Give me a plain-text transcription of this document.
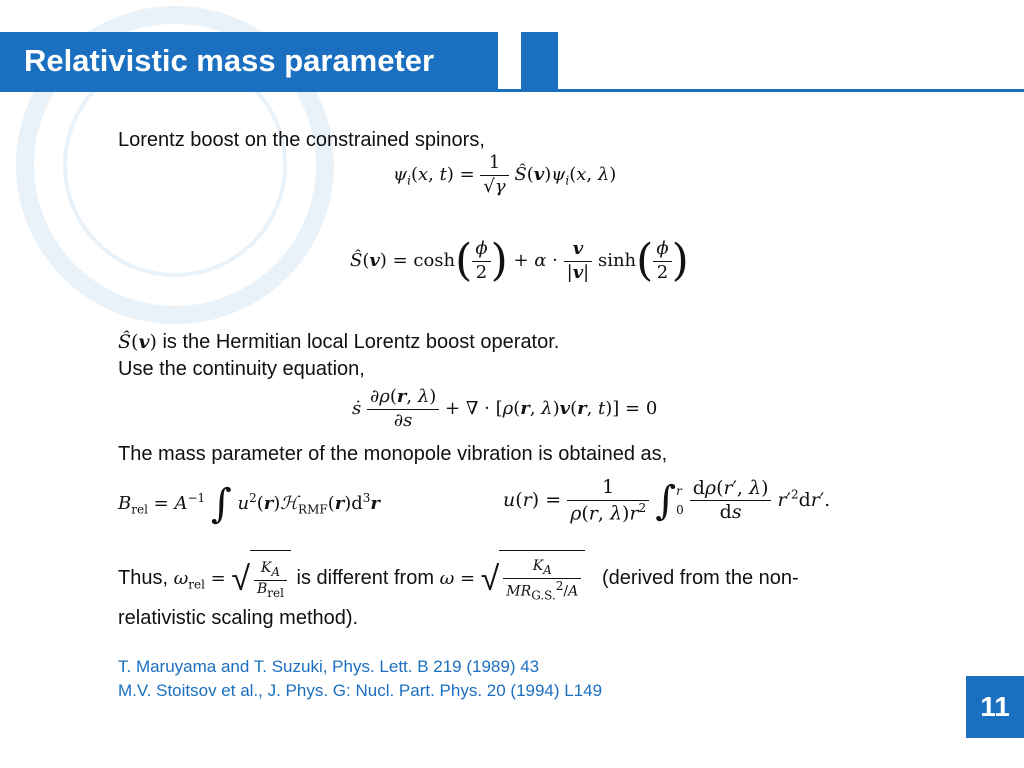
Relativistic mass parameter
Lorentz boost on the constrained spinors,
$\psi_i(x$, $t) = \frac{1}{√\gamma}$ $Ŝ(v)\psi_i(x$, λ)
Ŝ(v) = $\cosh( \frac{\phi}{2}$ ) + $\alpha \cdot \frac{v}{|v|} \sinh( \frac{\phi}{2}$ )
Ŝ(v) is the Hermitian local Lorentz boost operator.
Use the continuity equation,
ṡ $\frac{\partial\rho(r, \lambda)}{\partial s}$ + ∇ · [ρ(r, λ)v(r, t)] = 0
The mass parameter of the monopole vibration is obtained as,
$B_{rel} = A^{-1}$ ∫ $u^2(r)ℋ_{RMF}(r)d^3r$	$u(r) = \frac{1}{\rho(r, \lambda)r^2} \int r$
$0 \frac{d\rho(r', \lambda)}{ds} r'^2dr'$.
Thus, $\omega_{rel}$ = √ $\frac{K_A}{B_{rel}}$ is different from ω = √ $\frac{K_A}{MR_{G.S.}^2/A}$ (derived from the non-
relativistic scaling method).
T. Maruyama and T. Suzuki, Phys. Lett. B 219 (1989) 43
M.V. Stoitsov et al., J. Phys. G: Nucl. Part. Phys. 20 (1994) L149
11
